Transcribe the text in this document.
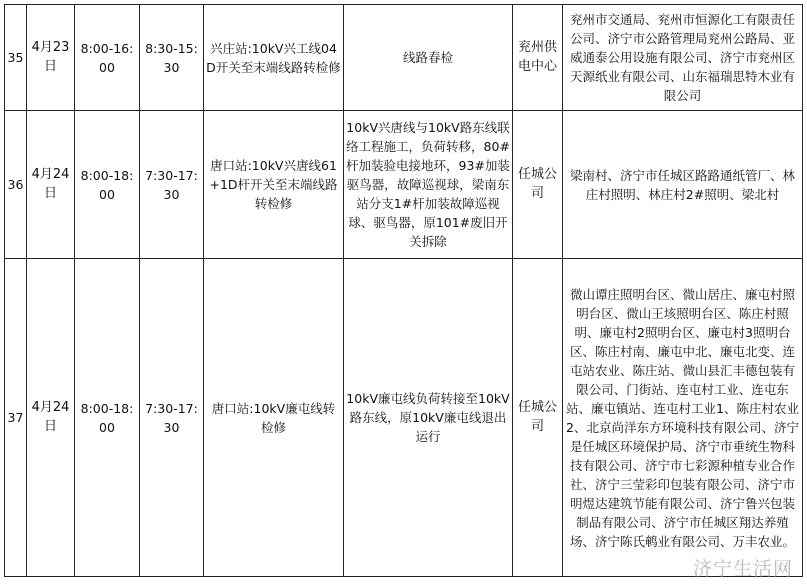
35	4月23日	8:00-16:00	8:30-15:30	兴庄站:10kV兴工线04D开关至末端线路转检修	线路春检	兖州供电中心	兖州市交通局、兖州市恒源化工有限责任公司、济宁市公路管理局兖州公路局、亚威通泰公用设施有限公司、济宁市兖州区天源纸业有限公司、山东福瑞思特木业有限公司
36	4月24日	8:00-18:00	7:30-17:30	唐口站:10kV兴唐线61+1D杆开关至末端线路转检修	10kV兴唐线与10kV路东线联络工程施工，负荷转移，80#杆加装验电接地环，93#加装驱鸟器，故障巡视球，梁南东站分支1#杆加装故障巡视球、驱鸟器，原101#废旧开关拆除	任城公司	梁南村、济宁市任城区路路通纸管厂、林庄村照明、林庄村2#照明、梁北村
37	4月24日	8:00-18:00	7:30-17:30	唐口站:10kV廉屯线转检修	10kV廉屯线负荷转接至10kV路东线，原10kV廉屯线退出运行	任城公司	微山谭庄照明台区、微山居庄、廉屯村照明台区、微山王垓照明台区、陈庄村照明、廉屯村2照明台区、廉屯村3照明台区、陈庄村南、廉屯中北、廉屯北变、连屯站农业、陈庄站、微山县汇丰德包装有限公司、门街站、连屯村工业、连屯东站、廉屯镇站、连屯村工业1、陈庄村农业2、北京尚洋东方环境科技有限公司、济宁是任城区环境保护局、济宁市垂统生物科技有限公司、济宁市七彩源种植专业合作社、济宁三莹彩印包装有限公司、济宁市明煜达建筑节能有限公司、济宁鲁兴包装制品有限公司、济宁市任城区翔达养殖场、济宁陈氏鹌业有限公司、万丰农业。
济宁生活网
